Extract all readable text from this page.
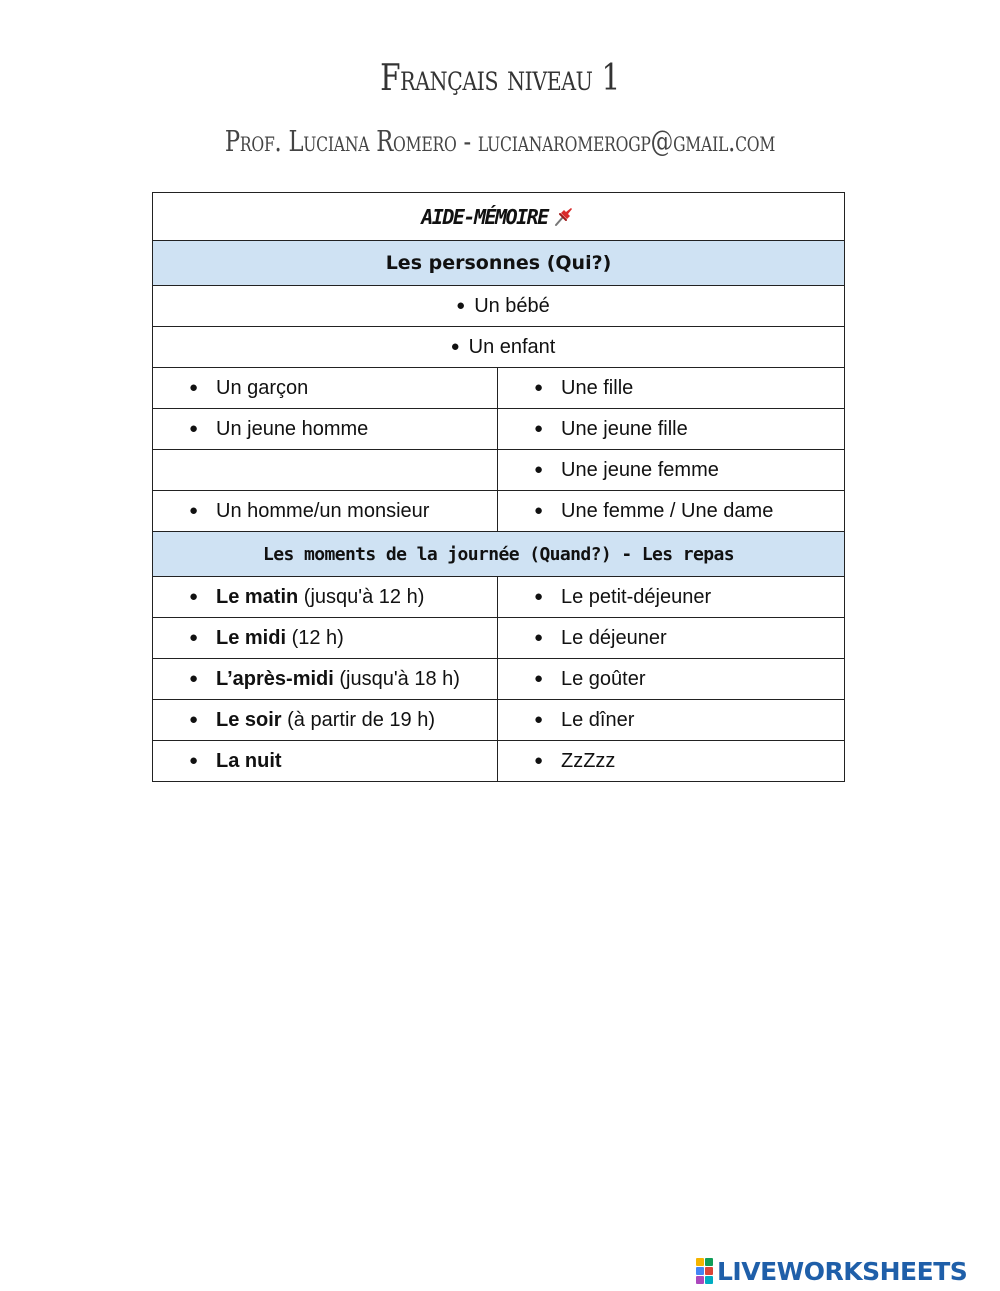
Français niveau 1
Prof. Luciana Romero - lucianaromerogp@gmail.com
AIDE-MÉMOIRE	
Les personnes (Qui?)	
● Un bébé	
● Un enfant	
● Un garçon	● Une fille
● Un jeune homme	● Une jeune fille
	● Une jeune femme
● Un homme/un monsieur	● Une femme / Une dame
Les moments de la journée (Quand?) - Les repas	
● Le matin (jusqu'à 12 h)	● Le petit-déjeuner
● Le midi (12 h)	● Le déjeuner
● L’après-midi (jusqu'à 18 h)	● Le goûter
● Le soir (à partir de 19 h)	● Le dîner
● La nuit	● ZzZzz
LIVEWORKSHEETS
